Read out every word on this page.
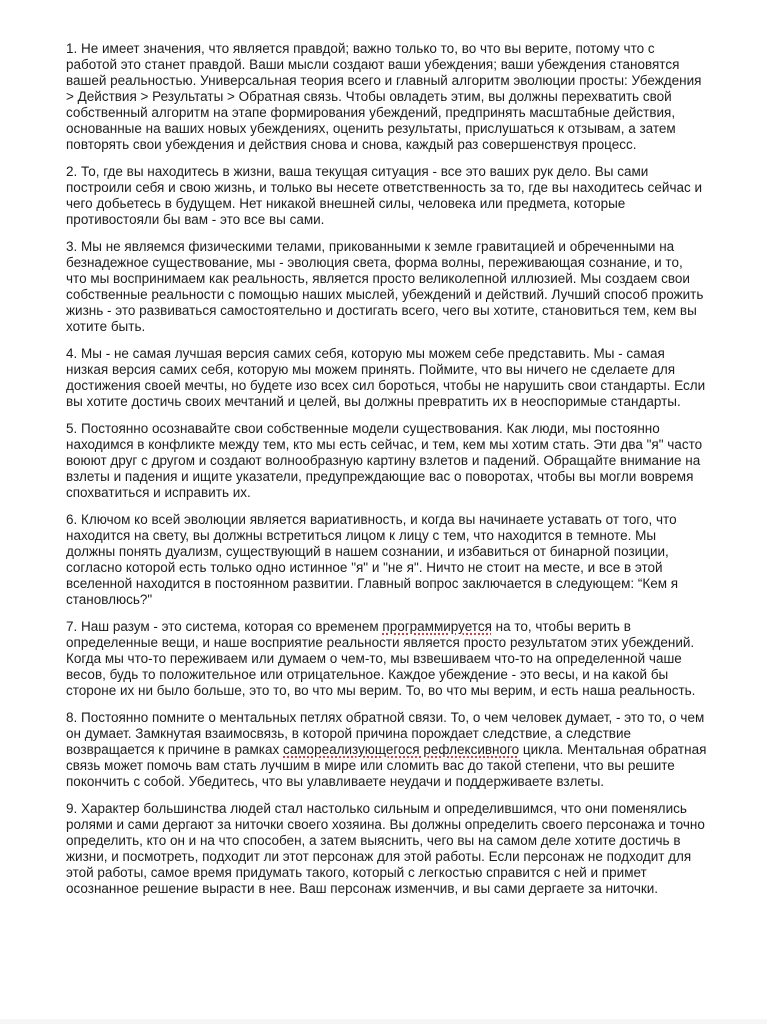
1. Не имеет значения, что является правдой; важно только то, во что вы верите, потому что с работой это станет правдой. Ваши мысли создают ваши убеждения; ваши убеждения становятся вашей реальностью. Универсальная теория всего и главный алгоритм эволюции просты: Убеждения > Действия > Результаты > Обратная связь. Чтобы овладеть этим, вы должны перехватить свой собственный алгоритм на этапе формирования убеждений, предпринять масштабные действия, основанные на ваших новых убеждениях, оценить результаты, прислушаться к отзывам, а затем повторять свои убеждения и действия снова и снова, каждый раз совершенствуя процесс.
2. То, где вы находитесь в жизни, ваша текущая ситуация - все это ваших рук дело. Вы сами построили себя и свою жизнь, и только вы несете ответственность за то, где вы находитесь сейчас и чего добьетесь в будущем. Нет никакой внешней силы, человека или предмета, которые противостояли бы вам - это все вы сами.
3. Мы не являемся физическими телами, прикованными к земле гравитацией и обреченными на безнадежное существование, мы - эволюция света, форма волны, переживающая сознание, и то, что мы воспринимаем как реальность, является просто великолепной иллюзией. Мы создаем свои собственные реальности с помощью наших мыслей, убеждений и действий. Лучший способ прожить жизнь - это развиваться самостоятельно и достигать всего, чего вы хотите, становиться тем, кем вы хотите быть.
4. Мы - не самая лучшая версия самих себя, которую мы можем себе представить. Мы - самая низкая версия самих себя, которую мы можем принять. Поймите, что вы ничего не сделаете для достижения своей мечты, но будете изо всех сил бороться, чтобы не нарушить свои стандарты. Если вы хотите достичь своих мечтаний и целей, вы должны превратить их в неоспоримые стандарты.
5. Постоянно осознавайте свои собственные модели существования. Как люди, мы постоянно находимся в конфликте между тем, кто мы есть сейчас, и тем, кем мы хотим стать. Эти два "я" часто воюют друг с другом и создают волнообразную картину взлетов и падений. Обращайте внимание на взлеты и падения и ищите указатели, предупреждающие вас о поворотах, чтобы вы могли вовремя спохватиться и исправить их.
6. Ключом ко всей эволюции является вариативность, и когда вы начинаете уставать от того, что находится на свету, вы должны встретиться лицом к лицу с тем, что находится в темноте. Мы должны понять дуализм, существующий в нашем сознании, и избавиться от бинарной позиции, согласно которой есть только одно истинное "я" и "не я". Ничто не стоит на месте, и все в этой вселенной находится в постоянном развитии. Главный вопрос заключается в следующем: “Кем я становлюсь?"
7. Наш разум - это система, которая со временем программируется на то, чтобы верить в определенные вещи, и наше восприятие реальности является просто результатом этих убеждений. Когда мы что-то переживаем или думаем о чем-то, мы взвешиваем что-то на определенной чаше весов, будь то положительное или отрицательное. Каждое убеждение - это весы, и на какой бы стороне их ни было больше, это то, во что мы верим. То, во что мы верим, и есть наша реальность.
8. Постоянно помните о ментальных петлях обратной связи. То, о чем человек думает, - это то, о чем он думает. Замкнутая взаимосвязь, в которой причина порождает следствие, а следствие возвращается к причине в рамках самореализующегося рефлексивного цикла. Ментальная обратная связь может помочь вам стать лучшим в мире или сломить вас до такой степени, что вы решите покончить с собой. Убедитесь, что вы улавливаете неудачи и поддерживаете взлеты.
9. Характер большинства людей стал настолько сильным и определившимся, что они поменялись ролями и сами дергают за ниточки своего хозяина. Вы должны определить своего персонажа и точно определить, кто он и на что способен, а затем выяснить, чего вы на самом деле хотите достичь в жизни, и посмотреть, подходит ли этот персонаж для этой работы. Если персонаж не подходит для этой работы, самое время придумать такого, который с легкостью справится с ней и примет осознанное решение вырасти в нее. Ваш персонаж изменчив, и вы сами дергаете за ниточки.
